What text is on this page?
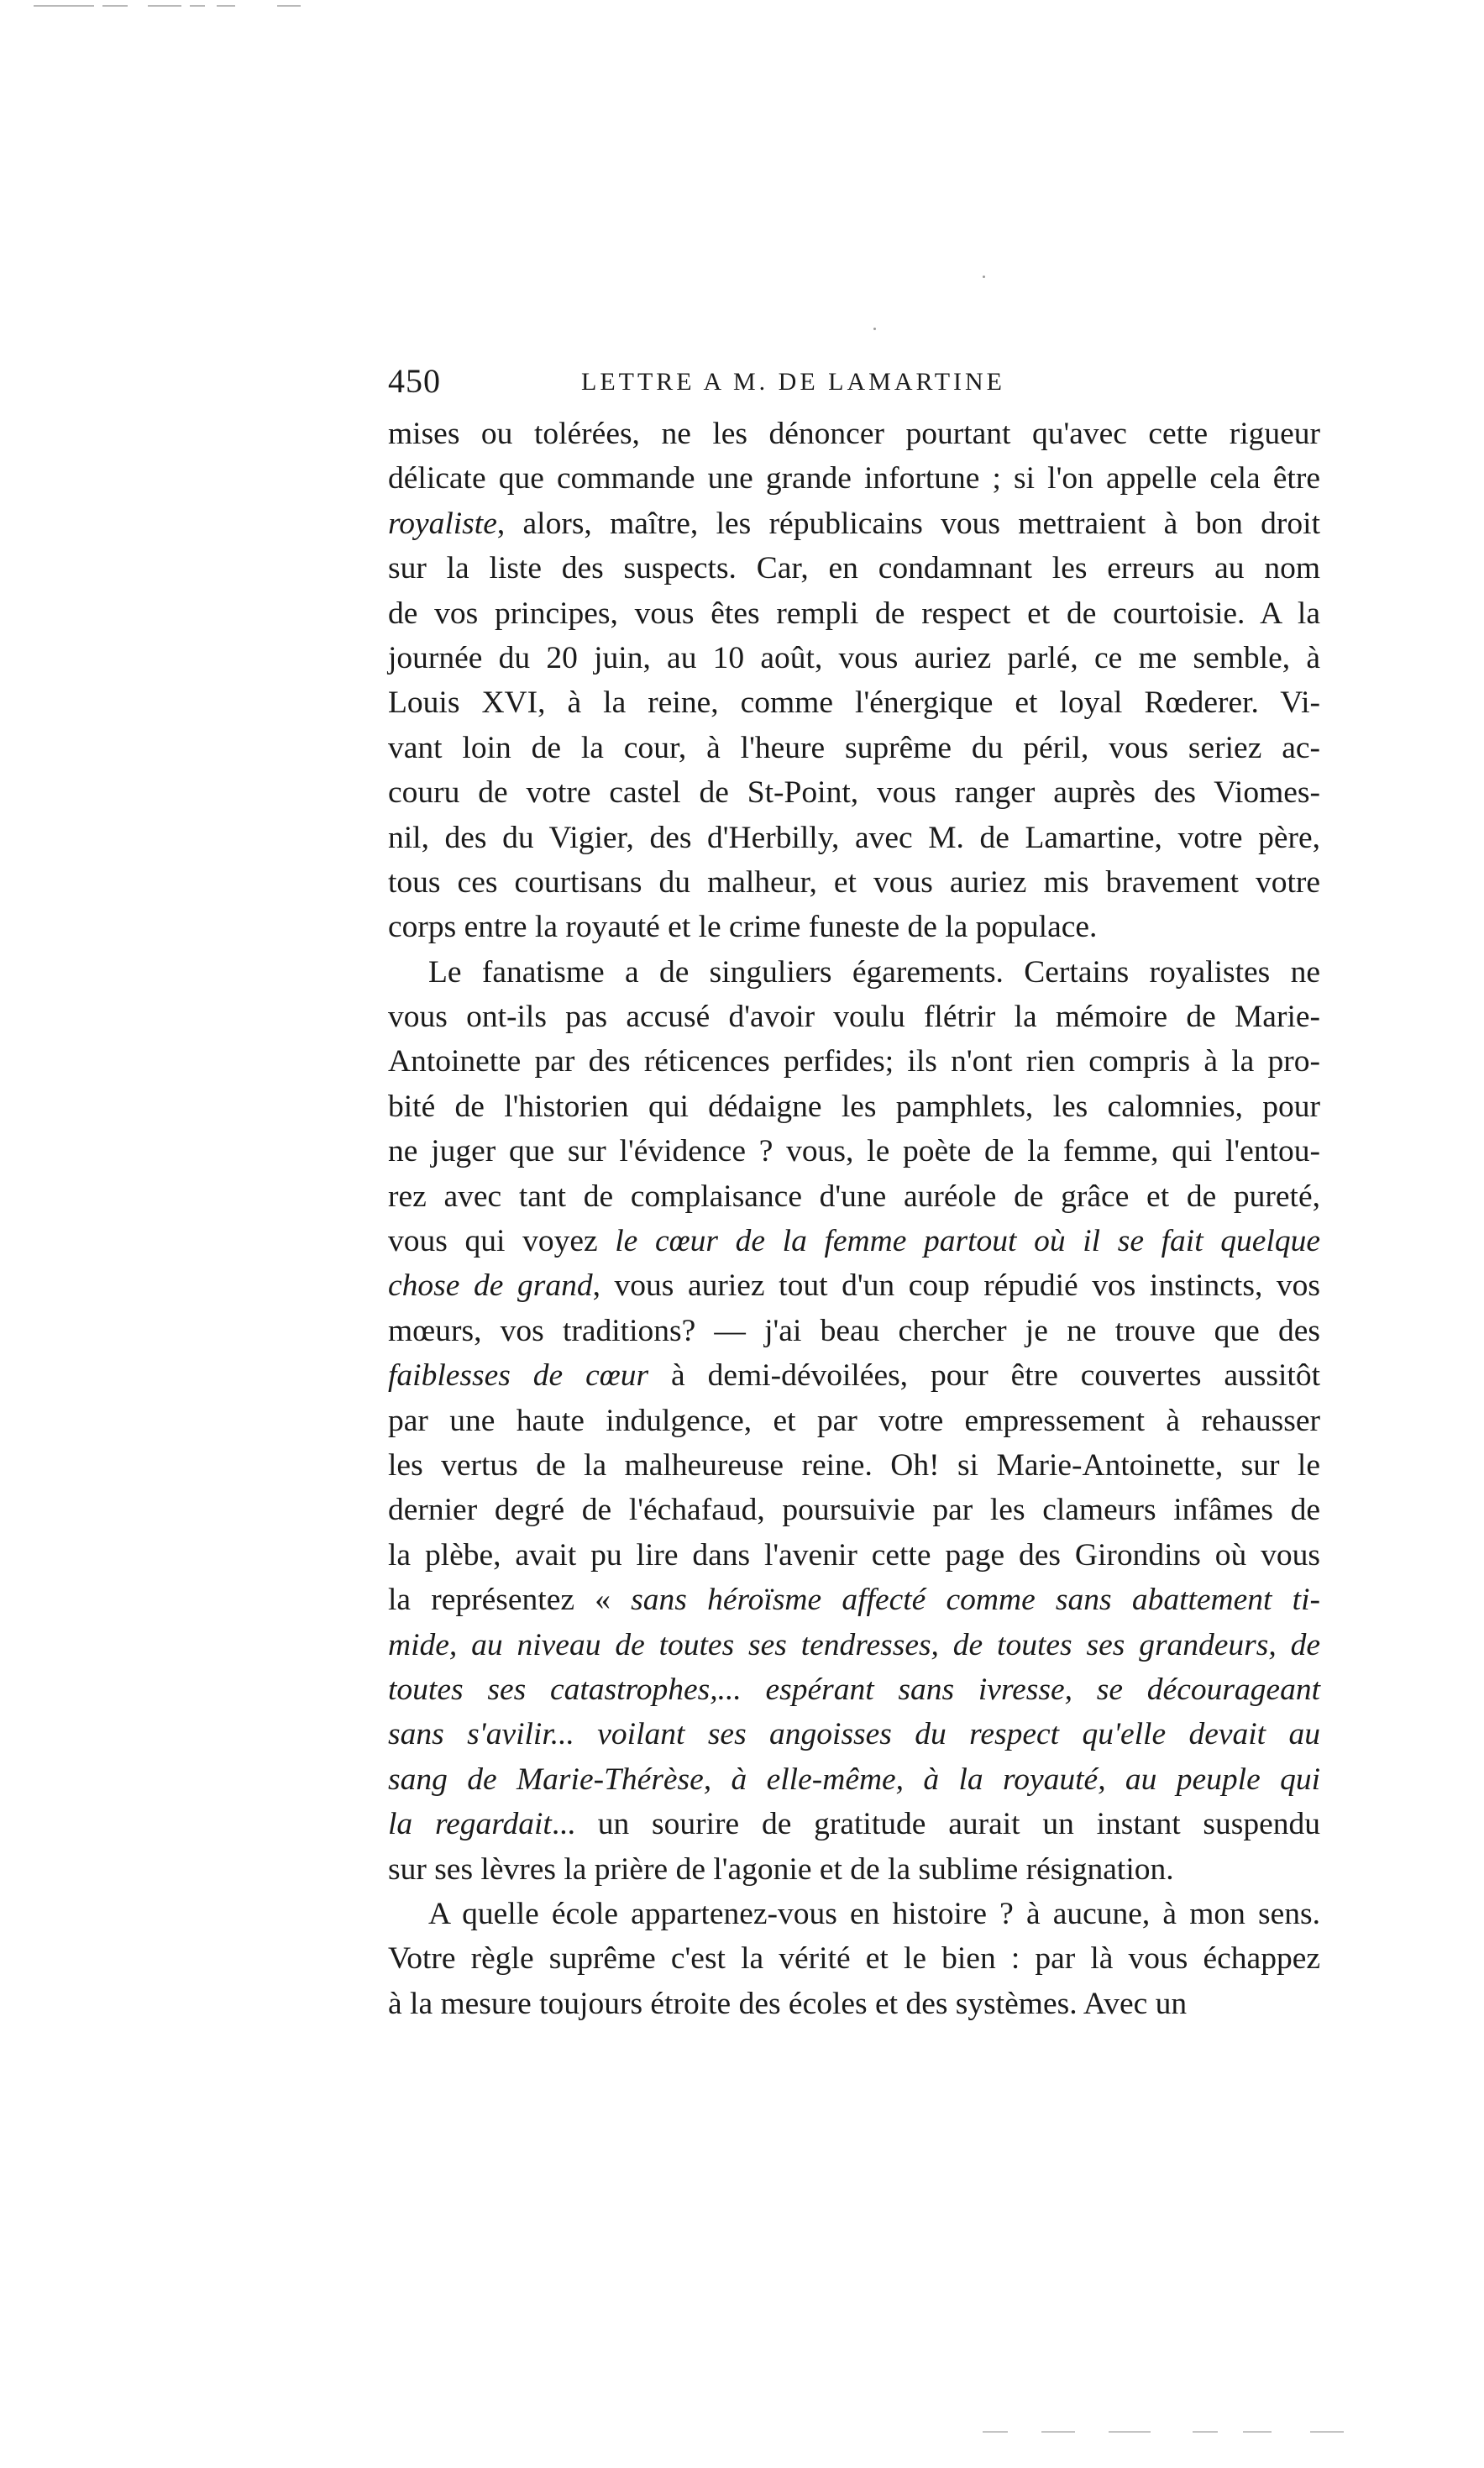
450	LETTRE A M. DE LAMARTINE
mises ou tolérées, ne les dénoncer pourtant qu'avec cette rigueur
délicate que commande une grande infortune ; si l'on appelle cela être
royaliste, alors, maître, les républicains vous mettraient à bon droit
sur la liste des suspects. Car, en condamnant les erreurs au nom
de vos principes, vous êtes rempli de respect et de courtoisie. A la
journée du 20 juin, au 10 août, vous auriez parlé, ce me semble, à
Louis XVI, à la reine, comme l'énergique et loyal Rœderer. Vi-
vant loin de la cour, à l'heure suprême du péril, vous seriez ac-
couru de votre castel de St-Point, vous ranger auprès des Viomes-
nil, des du Vigier, des d'Herbilly, avec M. de Lamartine, votre père,
tous ces courtisans du malheur, et vous auriez mis bravement votre
corps entre la royauté et le crime funeste de la populace.
Le fanatisme a de singuliers égarements. Certains royalistes ne
vous ont-ils pas accusé d'avoir voulu flétrir la mémoire de Marie-
Antoinette par des réticences perfides; ils n'ont rien compris à la pro-
bité de l'historien qui dédaigne les pamphlets, les calomnies, pour
ne juger que sur l'évidence ? vous, le poète de la femme, qui l'entou-
rez avec tant de complaisance d'une auréole de grâce et de pureté,
vous qui voyez le cœur de la femme partout où il se fait quelque
chose de grand, vous auriez tout d'un coup répudié vos instincts, vos
mœurs, vos traditions? — j'ai beau chercher je ne trouve que des
faiblesses de cœur à demi-dévoilées, pour être couvertes aussitôt
par une haute indulgence, et par votre empressement à rehausser
les vertus de la malheureuse reine. Oh! si Marie-Antoinette, sur le
dernier degré de l'échafaud, poursuivie par les clameurs infâmes de
la plèbe, avait pu lire dans l'avenir cette page des Girondins où vous
la représentez « sans héroïsme affecté comme sans abattement ti-
mide, au niveau de toutes ses tendresses, de toutes ses grandeurs, de
toutes ses catastrophes,... espérant sans ivresse, se décourageant
sans s'avilir... voilant ses angoisses du respect qu'elle devait au
sang de Marie-Thérèse, à elle-même, à la royauté, au peuple qui
la regardait... un sourire de gratitude aurait un instant suspendu
sur ses lèvres la prière de l'agonie et de la sublime résignation.
A quelle école appartenez-vous en histoire ? à aucune, à mon sens.
Votre règle suprême c'est la vérité et le bien : par là vous échappez
à la mesure toujours étroite des écoles et des systèmes. Avec un
